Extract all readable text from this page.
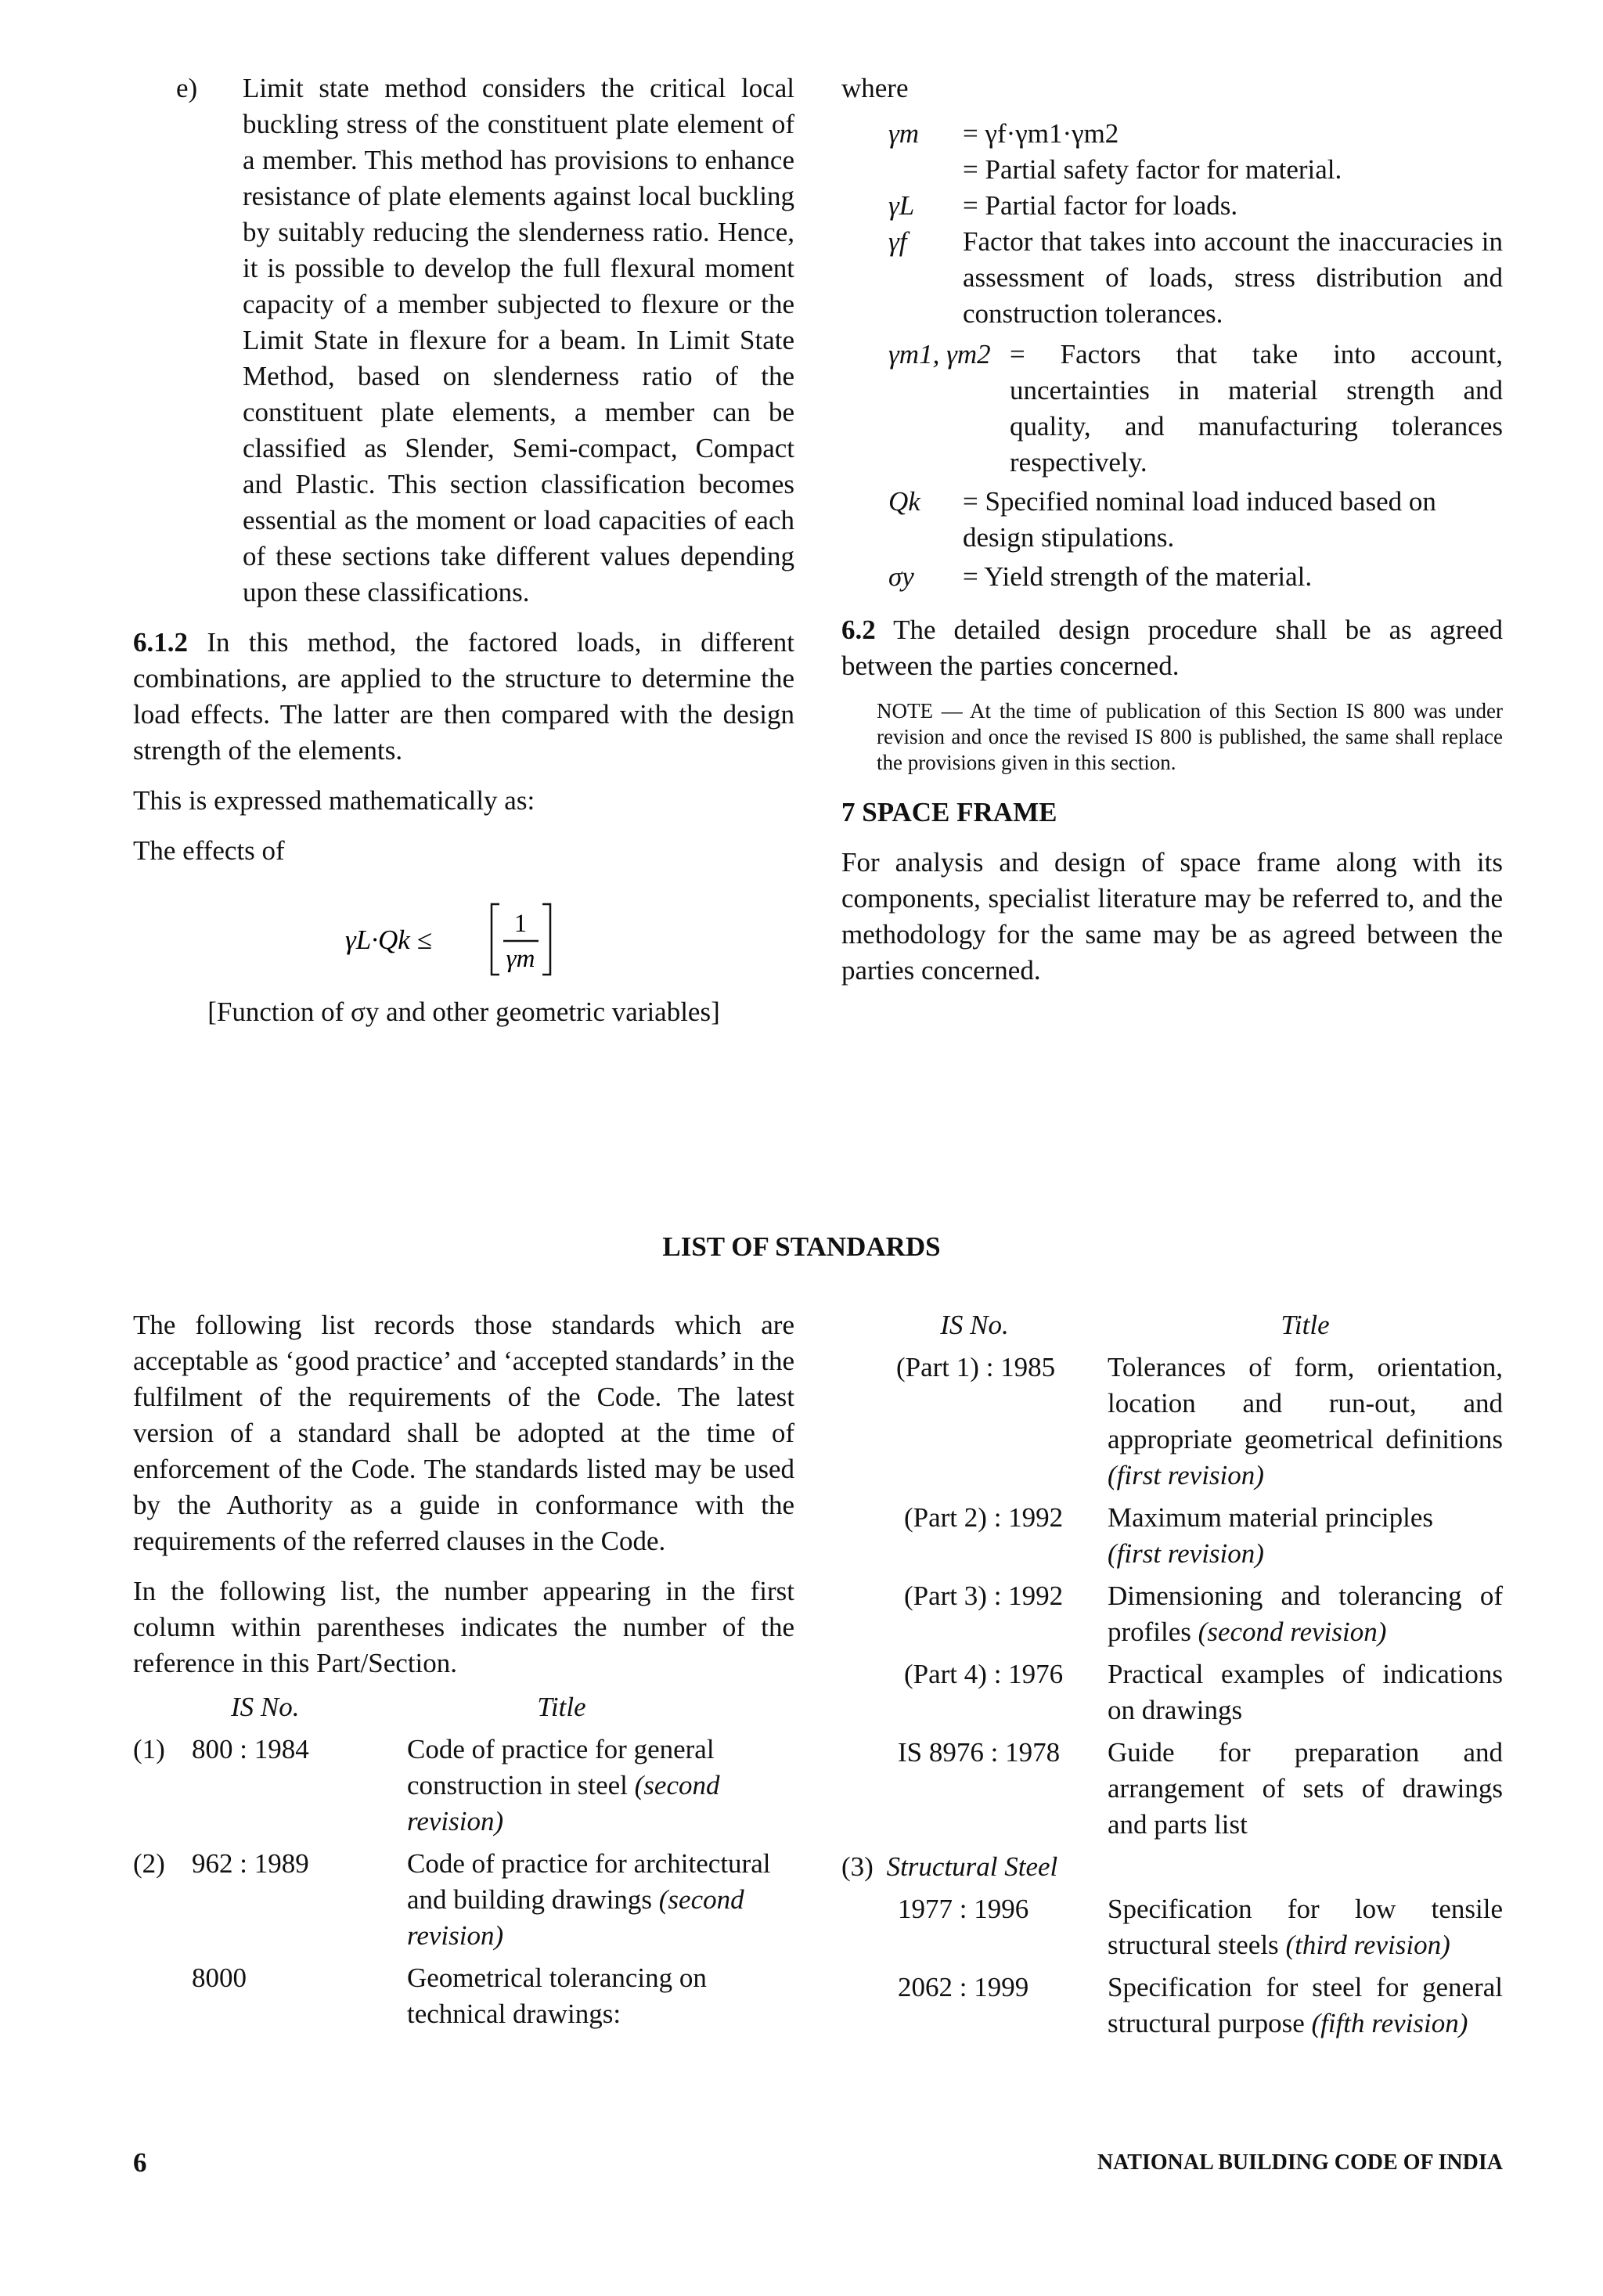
e)	Limit state method considers the critical local buckling stress of the constituent plate element of a member. This method has provisions to enhance resistance of plate elements against local buckling by suitably reducing the slenderness ratio. Hence, it is possible to develop the full flexural moment capacity of a member subjected to flexure or the Limit State in flexure for a beam. In Limit State Method, based on slenderness ratio of the constituent plate elements, a member can be classified as Slender, Semi-compact, Compact and Plastic. This section classification becomes essential as the moment or load capacities of each of these sections take different values depending upon these classifications.
6.1.2 In this method, the factored loads, in different combinations, are applied to the structure to determine the load effects. The latter are then compared with the design strength of the elements.
This is expressed mathematically as:
The effects of
γL·Qk ≤
1
γm
[Function of σy and other geometric variables]
where
γm	= γf·γm1·γm2
= Partial safety factor for material.
γL	= Partial factor for loads.
γf	Factor that takes into account the inaccuracies in assessment of loads, stress distribution and construction tolerances.
γm1, γm2 = Factors that take into account, uncertainties in material strength and quality, and manufacturing tolerances respectively.
Qk	= Specified nominal load induced based on design stipulations.
σy	= Yield strength of the material.
6.2 The detailed design procedure shall be as agreed between the parties concerned.
NOTE — At the time of publication of this Section IS 800 was under revision and once the revised IS 800 is published, the same shall replace the provisions given in this section.
7 SPACE FRAME
For analysis and design of space frame along with its components, specialist literature may be referred to, and the methodology for the same may be as agreed between the parties concerned.
LIST OF STANDARDS
The following list records those standards which are acceptable as ‘good practice’ and ‘accepted standards’ in the fulfilment of the requirements of the Code. The latest version of a standard shall be adopted at the time of enforcement of the Code. The standards listed may be used by the Authority as a guide in conformance with the requirements of the referred clauses in the Code.
In the following list, the number appearing in the first column within parentheses indicates the number of the reference in this Part/Section.
IS No.	Title
(1) 800 : 1984	Code of practice for general construction in steel (second revision)
(2) 962 : 1989	Code of practice for architectural and building drawings (second revision)
8000	Geometrical tolerancing on technical drawings:
IS No.	Title
(Part 1) : 1985	Tolerances of form, orientation, location and run-out, and appropriate geometrical definitions (first revision)
(Part 2) : 1992	Maximum material principles
(first revision)
(Part 3) : 1992	Dimensioning and tolerancing of profiles (second revision)
(Part 4) : 1976	Practical examples of indications on drawings
IS 8976 : 1978	Guide for preparation and arrangement of sets of drawings and parts list
(3) Structural Steel
1977 : 1996	Specification for low tensile structural steels (third revision)
2062 : 1999	Specification for steel for general structural purpose (fifth revision)
6	NATIONAL BUILDING CODE OF INDIA
